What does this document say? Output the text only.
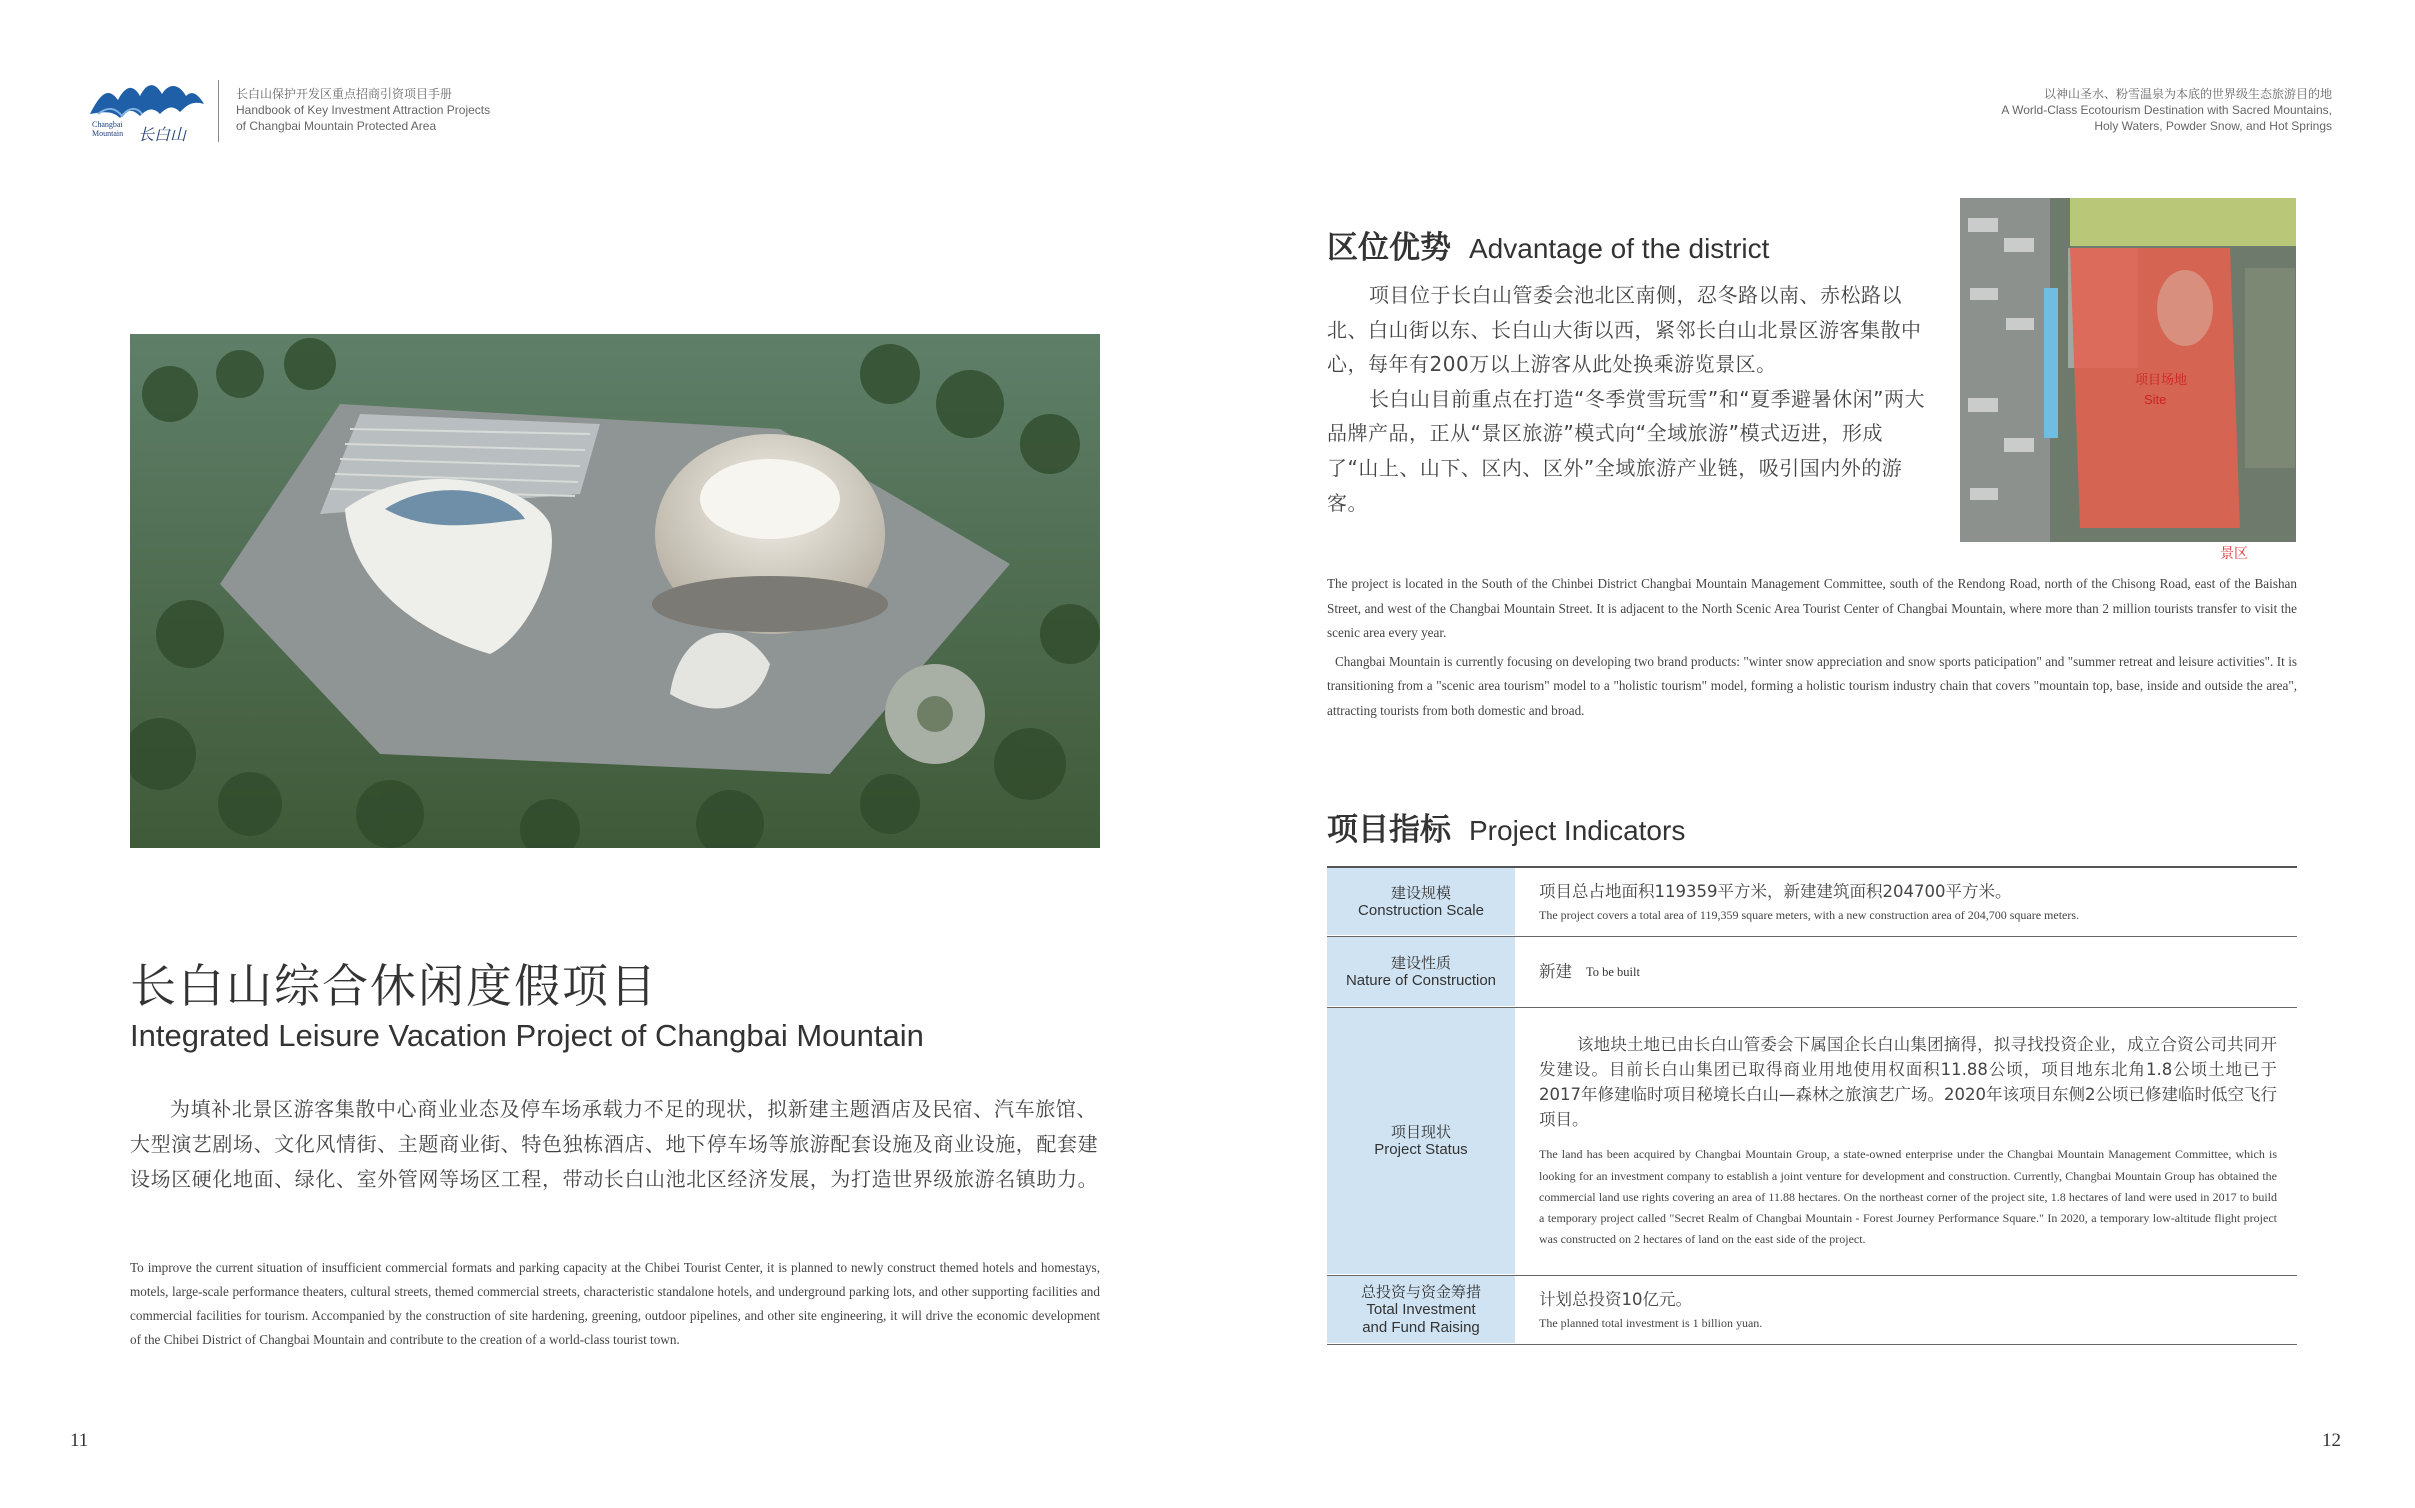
Changbai Mountain 长白山
长白山保护开发区重点招商引资项目手册
Handbook of Key Investment Attraction Projects
of Changbai Mountain Protected Area
以神山圣水、粉雪温泉为本底的世界级生态旅游目的地
A World-Class Ecotourism Destination with Sacred Mountains,
Holy Waters, Powder Snow, and Hot Springs
长白山综合休闲度假项目
Integrated Leisure Vacation Project of Changbai Mountain
为填补北景区游客集散中心商业业态及停车场承载力不足的现状，拟新建主题酒店及民宿、汽车旅馆、大型演艺剧场、文化风情街、主题商业街、特色独栋酒店、地下停车场等旅游配套设施及商业设施，配套建设场区硬化地面、绿化、室外管网等场区工程，带动长白山池北区经济发展，为打造世界级旅游名镇助力。
To improve the current situation of insufficient commercial formats and parking capacity at the Chibei Tourist Center, it is planned to newly construct themed hotels and homestays, motels, large-scale performance theaters, cultural streets, themed commercial streets, characteristic standalone hotels, and underground parking lots, and other supporting facilities and commercial facilities for tourism. Accompanied by the construction of site hardening, greening, outdoor pipelines, and other site engineering, it will drive the economic development of the Chibei District of Changbai Mountain and contribute to the creation of a world-class tourist town.
11
区位优势 Advantage of the district

项目位于长白山管委会池北区南侧，忍冬路以南、赤松路以北、白山街以东、长白山大街以西，紧邻长白山北景区游客集散中心，每年有200万以上游客从此处换乘游览景区。

长白山目前重点在打造“冬季赏雪玩雪”和“夏季避暑休闲”两大品牌产品，正从“景区旅游”模式向“全域旅游”模式迈进，形成了“山上、山下、区内、区外”全域旅游产业链，吸引国内外的游客。

项目场地
Site
景区

The project is located in the South of the Chinbei District Changbai Mountain Management Committee, south of the Rendong Road, north of the Chisong Road, east of the Baishan Street, and west of the Changbai Mountain Street. It is adjacent to the North Scenic Area Tourist Center of Changbai Mountain, where more than 2 million tourists transfer to visit the scenic area every year.

Changbai Mountain is currently focusing on developing two brand products: "winter snow appreciation and snow sports paticipation" and "summer retreat and leisure activities". It is transitioning from a "scenic area tourism" model to a "holistic tourism" model, forming a holistic tourism industry chain that covers "mountain top, base, inside and outside the area", attracting tourists from both domestic and broad.

项目指标 Project Indicators
建设规模
Construction Scale
项目总占地面积119359平方米，新建建筑面积204700平方米。
The project covers a total area of 119,359 square meters, with a new construction area of 204,700 square meters.
建设性质
Nature of Construction	新建 To be built
项目现状
Project Status

该地块土地已由长白山管委会下属国企长白山集团摘得，拟寻找投资企业，成立合资公司共同开发建设。目前长白山集团已取得商业用地使用权面积11.88公顷，项目地东北角1.8公顷土地已于2017年修建临时项目秘境长白山—森林之旅演艺广场。2020年该项目东侧2公顷已修建临时低空飞行项目。

The land has been acquired by Changbai Mountain Group, a state-owned enterprise under the Changbai Mountain Management Committee, which is looking for an investment company to establish a joint venture for development and construction. Currently, Changbai Mountain Group has obtained the commercial land use rights covering an area of 11.88 hectares. On the northeast corner of the project site, 1.8 hectares of land were used in 2017 to build a temporary project called "Secret Realm of Changbai Mountain - Forest Journey Performance Square." In 2020, a temporary low-altitude flight project was constructed on 2 hectares of land on the east side of the project.

总投资与资金筹措
Total Investment
and Fund Raising
计划总投资10亿元。
The planned total investment is 1 billion yuan.
12
